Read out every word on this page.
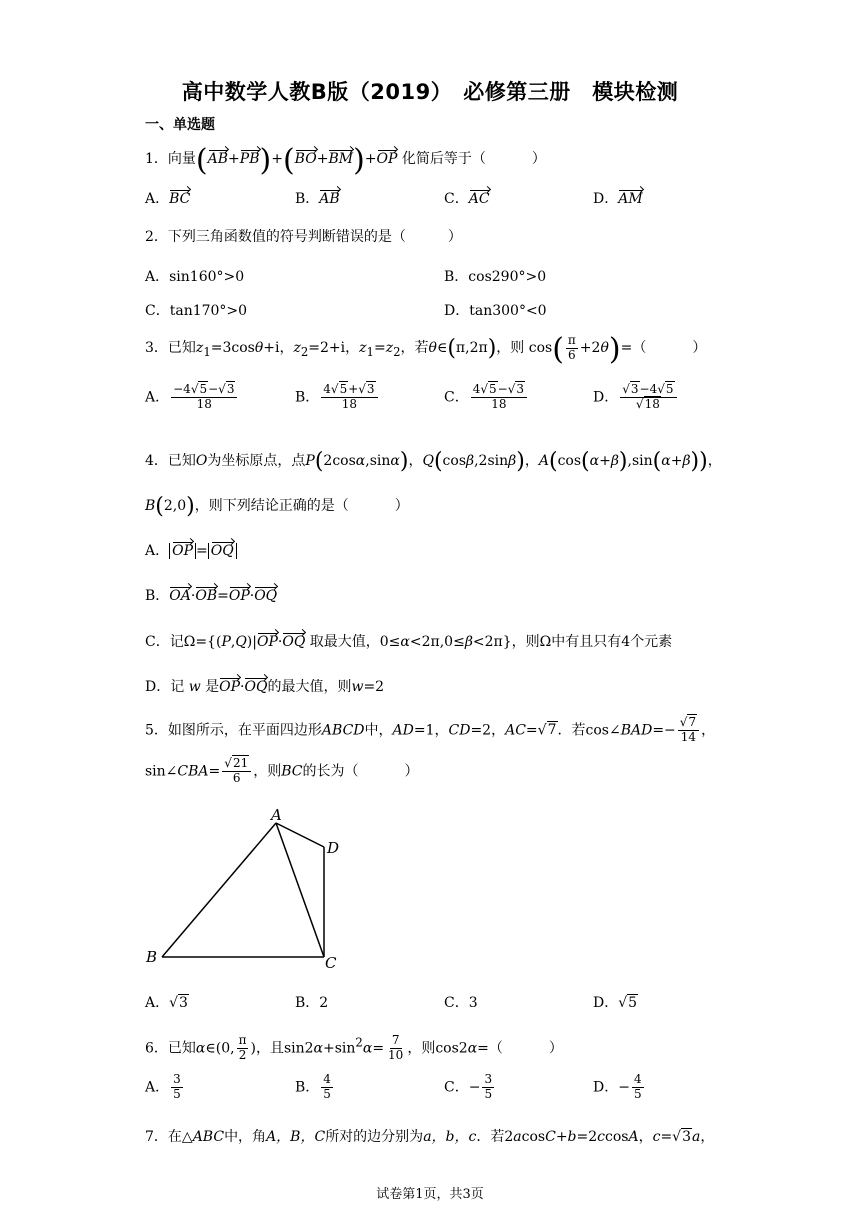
高中数学人教B版（2019）　必修第三册　模块检测
一、单选题
1．向量(AB+PB)+(BO+BM)+OP 化简后等于（	）
A．BC	B．AB	C．AC	D．AM
2．下列三角函数值的符号判断错误的是（　　　）
A．sin160°>0	B．cos290°>0
C．tan170°>0	D．tan300°<0
3．已知$z_1=3\cos\theta+i$，$z_2=2+i$，$z_1=z_2$，若θ∈(π,2π)，则 $\cos( \frac{\pi}{6} +2\theta)=$（	）
A． $\frac{-4√5-√3}{18}$	B． $\frac{4√5+√3}{18}$	C． $\frac{4√5-√3}{18}$	D． $\frac{√3-4√5}{√18}$
4．已知O为坐标原点，点P(2cosα,sinα)，Q(cosβ,2sinβ)，A(cos(α+β),sin(α+β))，
B(2,0)，则下列结论正确的是（	）
A． OP = OQ
B．OA·OB=OP·OQ
C．记Ω={(P,Q)|OP·OQ 取最大值，0≤α<2π,0≤β<2π}，则Ω中有且只有4个元素
D．记 w 是OP·OQ的最大值，则w=2
5．如图所示，在平面四边形ABCD中，AD=1，CD=2，AC=√7．若cos∠BAD=− $\frac{√7}{14}$ ，
sin∠CBA= $\frac{√21}{6}$ ，则BC的长为（	）
A
B	C
D
A．√3	B．2	C．3	D．√5
6．已知α∈(0, $\frac{\pi}{2}$ )，且$\sin 2\alpha+\sin^2\alpha= \frac{7}{10}$ ，则cos2α=（	）
A． $\frac{3}{5}$	B． $\frac{4}{5}$	C．− $\frac{3}{5}$	D．− $\frac{4}{5}$
7．在△ABC中，角A，B，C所对的边分别为a，b，c．若2acosC+b=2ccosA，c=√3a，
试卷第1页，共3页
